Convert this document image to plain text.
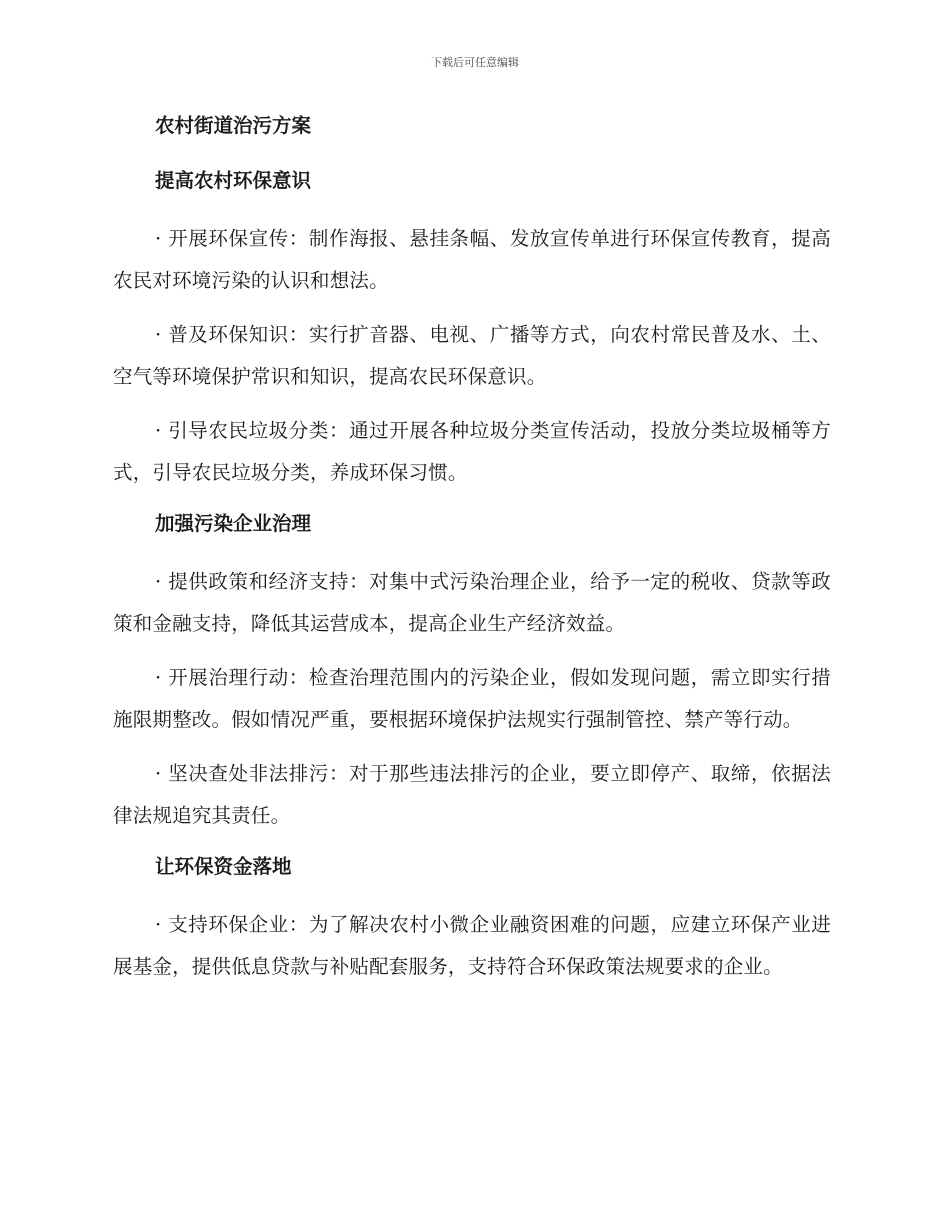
下载后可任意编辑
农村街道治污方案
提高农村环保意识

· 开展环保宣传：制作海报、悬挂条幅、发放宣传单进行环保宣传教育，提高农民对环境污染的认识和想法。

· 普及环保知识：实行扩音器、电视、广播等方式，向农村常民普及水、土、空气等环境保护常识和知识，提高农民环保意识。

· 引导农民垃圾分类：通过开展各种垃圾分类宣传活动，投放分类垃圾桶等方式，引导农民垃圾分类，养成环保习惯。

加强污染企业治理

· 提供政策和经济支持：对集中式污染治理企业，给予一定的税收、贷款等政策和金融支持，降低其运营成本，提高企业生产经济效益。

· 开展治理行动：检查治理范围内的污染企业，假如发现问题，需立即实行措施限期整改。假如情况严重，要根据环境保护法规实行强制管控、禁产等行动。

· 坚决查处非法排污：对于那些违法排污的企业，要立即停产、取缔，依据法律法规追究其责任。

让环保资金落地

· 支持环保企业：为了解决农村小微企业融资困难的问题，应建立环保产业进展基金，提供低息贷款与补贴配套服务，支持符合环保政策法规要求的企业。
